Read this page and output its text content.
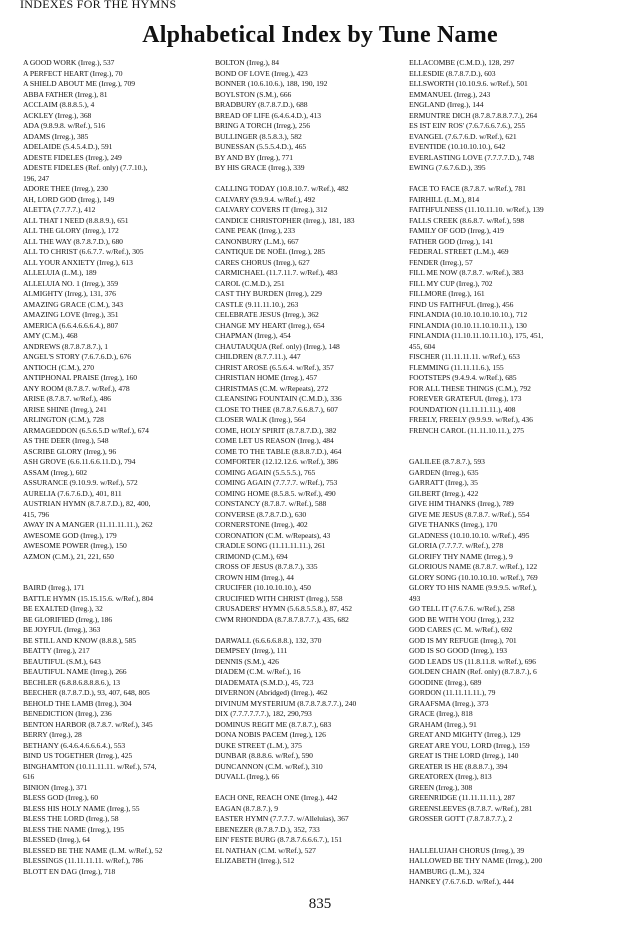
INDEXES FOR THE HYMNS
Alphabetical Index by Tune Name
A GOOD WORK (Irreg.), 537
A PERFECT HEART (Irreg.), 70
A SHIELD ABOUT ME (Irreg.), 709
ABBA FATHER (Irreg.), 81
ACCLAIM (8.8.8.5.), 4
ACKLEY (Irreg.), 368
ADA (9.8.9.8. w/Ref.), 516
ADAMS (Irreg.), 385
ADELAIDE (5.4.5.4.D.), 591
ADESTE FIDELES (Irreg.), 249
ADESTE FIDELES (Ref. only) (7.7.10.),
196, 247
ADORE THEE (Irreg.), 230
AH, LORD GOD (Irreg.), 149
ALETTA (7.7.7.7.), 412
ALL THAT I NEED (8.8.8.9.), 651
ALL THE GLORY (Irreg.), 172
ALL THE WAY (8.7.8.7.D.), 680
ALL TO CHRIST (6.6.7.7. w/Ref.), 305
ALL YOUR ANXIETY (Irreg.), 613
ALLELUIA (L.M.), 189
ALLELUIA NO. 1 (Irreg.), 359
ALMIGHTY (Irreg.), 131, 376
AMAZING GRACE (C.M.), 343
AMAZING LOVE (Irreg.), 351
AMERICA (6.6.4.6.6.6.4.), 807
AMY (C.M.), 468
ANDREWS (8.7.8.7.8.7.), 1
ANGEL'S STORY (7.6.7.6.D.), 676
ANTIOCH (C.M.), 270
ANTIPHONAL PRAISE (Irreg.), 160
ANY ROOM (8.7.8.7. w/Ref.), 478
ARISE (8.7.8.7. w/Ref.), 486
ARISE SHINE (Irreg.), 241
ARLINGTON (C.M.), 728
ARMAGEDDON (6.5.6.5.D w/Ref.), 674
AS THE DEER (Irreg.), 548
ASCRIBE GLORY (Irreg.), 96
ASH GROVE (6.6.11.6.6.11.D.), 794
ASSAM (Irreg.), 602
ASSURANCE (9.10.9.9. w/Ref.), 572
AURELIA (7.6.7.6.D.), 401, 811
AUSTRIAN HYMN (8.7.8.7.D.), 82, 400,
415, 796
AWAY IN A MANGER (11.11.11.11.), 262
AWESOME GOD (Irreg.), 179
AWESOME POWER (Irreg.), 150
AZMON (C.M.), 21, 221, 650
BAIRD (Irreg.), 171
BATTLE HYMN (15.15.15.6. w/Ref.), 804
BE EXALTED (Irreg.), 32
BE GLORIFIED (Irreg.), 186
BE JOYFUL (Irreg.), 363
BE STILL AND KNOW (8.8.8.), 585
BEATTY (Irreg.), 217
BEAUTIFUL (S.M.), 643
BEAUTIFUL NAME (Irreg.), 266
BECHLER (6.8.8.6.8.8.8.6.), 13
BEECHER (8.7.8.7.D.), 93, 407, 648, 805
BEHOLD THE LAMB (Irreg.), 304
BENEDICTION (Irreg.), 236
BENTON HARBOR (8.7.8.7. w/Ref.), 345
BERRY (Irreg.), 28
BETHANY (6.4.6.4.6.6.6.4.), 553
BIND US TOGETHER (Irreg.), 425
BINGHAMTON (10.11.11.11. w/Ref.), 574,
616
BINION (Irreg.), 371
BLESS GOD (Irreg.), 60
BLESS HIS HOLY NAME (Irreg.), 55
BLESS THE LORD (Irreg.), 58
BLESS THE NAME (Irreg.), 195
BLESSED (Irreg.), 64
BLESSED BE THE NAME (L.M. w/Ref.), 52
BLESSINGS (11.11.11.11. w/Ref.), 786
BLOTT EN DAG (Irreg.), 718
BOLTON (Irreg.), 84
BOND OF LOVE (Irreg.), 423
BONNER (10.6.10.6.), 188, 190, 192
BOYLSTON (S.M.), 666
BRADBURY (8.7.8.7.D.), 688
BREAD OF LIFE (6.4.6.4.D.), 413
BRING A TORCH (Irreg.), 256
BULLINGER (8.5.8.3.), 582
BUNESSAN (5.5.5.4.D.), 465
BY AND BY (Irreg.), 771
BY HIS GRACE (Irreg.), 339
CALLING TODAY (10.8.10.7. w/Ref.), 482
CALVARY (9.9.9.4. w/Ref.), 492
CALVARY COVERS IT (Irreg.), 312
CANDICE CHRISTOPHER (Irreg.), 181, 183
CANE PEAK (Irreg.), 233
CANONBURY (L.M.), 667
CANTIQUE DE NOËL (Irreg.), 285
CARES CHORUS (Irreg.), 627
CARMICHAEL (11.7.11.7. w/Ref.), 483
CAROL (C.M.D.), 251
CAST THY BURDEN (Irreg.), 229
CASTLE (9.11.11.10.), 263
CELEBRATE JESUS (Irreg.), 362
CHANGE MY HEART (Irreg.), 654
CHAPMAN (Irreg.), 454
CHAUTAUQUA (Ref. only) (Irreg.), 148
CHILDREN (8.7.7.11.), 447
CHRIST AROSE (6.5.6.4. w/Ref.), 357
CHRISTIAN HOME (Irreg.), 457
CHRISTMAS (C.M. w/Repeats), 272
CLEANSING FOUNTAIN (C.M.D.), 336
CLOSE TO THEE (8.7.8.7.6.6.8.7.), 607
CLOSER WALK (Irreg.), 564
COME, HOLY SPIRIT (8.7.8.7.D.), 382
COME LET US REASON (Irreg.), 484
COME TO THE TABLE (8.8.8.7.D.), 464
COMFORTER (12.12.12.6. w/Ref.), 386
COMING AGAIN (5.5.5.5.), 765
COMING AGAIN (7.7.7.7. w/Ref.), 753
COMING HOME (8.5.8.5. w/Ref.), 490
CONSTANCY (8.7.8.7. w/Ref.), 588
CONVERSE (8.7.8.7.D.), 630
CORNERSTONE (Irreg.), 402
CORONATION (C.M. w/Repeats), 43
CRADLE SONG (11.11.11.11.), 261
CRIMOND (C.M.), 694
CROSS OF JESUS (8.7.8.7.), 335
CROWN HIM (Irreg.), 44
CRUCIFER (10.10.10.10.), 450
CRUCIFIED WITH CHRIST (Irreg.), 558
CRUSADERS' HYMN (5.6.8.5.5.8.), 87, 452
CWM RHONDDA (8.7.8.7.8.7.7.), 435, 682
DARWALL (6.6.6.6.8.8.), 132, 370
DEMPSEY (Irreg.), 111
DENNIS (S.M.), 426
DIADEM (C.M. w/Ref.), 16
DIADEMATA (S.M.D.), 45, 723
DIVERNON (Abridged) (Irreg.), 462
DIVINUM MYSTERIUM (8.7.8.7.8.7.7.), 240
DIX (7.7.7.7.7.7.), 182, 290,793
DOMINUS REGIT ME (8.7.8.7.), 683
DONA NOBIS PACEM (Irreg.), 126
DUKE STREET (L.M.), 375
DUNBAR (8.8.8.6. w/Ref.), 590
DUNCANNON (C.M. w/Ref.), 310
DUVALL (Irreg.), 66
EACH ONE, REACH ONE (Irreg.), 442
EAGAN (8.7.8.7.), 9
EASTER HYMN (7.7.7.7. w/Alleluias), 367
EBENEZER (8.7.8.7.D.), 352, 733
EIN' FESTE BURG (8.7.8.7.6.6.6.7.), 151
EL NATHAN (C.M. w/Ref.), 527
ELIZABETH (Irreg.), 512
ELLACOMBE (C.M.D.), 128, 297
ELLESDIE (8.7.8.7.D.), 603
ELLSWORTH (10.10.9.6. w/Ref.), 501
EMMANUEL (Irreg.), 243
ENGLAND (Irreg.), 144
ERMUNTRE DICH (8.7.8.7.8.8.7.7.), 264
ES IST EIN' ROS' (7.6.7.6.6.7.6.), 255
EVANGEL (7.6.7.6.D. w/Ref.), 621
EVENTIDE (10.10.10.10.), 642
EVERLASTING LOVE (7.7.7.7.D.), 748
EWING (7.6.7.6.D.), 395
FACE TO FACE (8.7.8.7. w/Ref.), 781
FAIRHILL (L.M.), 814
FAITHFULNESS (11.10.11.10. w/Ref.), 139
FALLS CREEK (8.6.8.7. w/Ref.), 598
FAMILY OF GOD (Irreg.), 419
FATHER GOD (Irreg.), 141
FEDERAL STREET (L.M.), 469
FENDER (Irreg.), 57
FILL ME NOW (8.7.8.7. w/Ref.), 383
FILL MY CUP (Irreg.), 702
FILLMORE (Irreg.), 161
FIND US FAITHFUL (Irreg.), 456
FINLANDIA (10.10.10.10.10.10.), 712
FINLANDIA (10.10.11.10.10.11.), 130
FINLANDIA (11.10.11.10.11.10.), 175, 451,
455, 604
FISCHER (11.11.11.11. w/Ref.), 653
FLEMMING (11.11.11.6.), 155
FOOTSTEPS (9.4.9.4. w/Ref.), 685
FOR ALL THESE THINGS (C.M.), 792
FOREVER GRATEFUL (Irreg.), 173
FOUNDATION (11.11.11.11.), 408
FREELY, FREELY (9.9.9.9. w/Ref.), 436
FRENCH CAROL (11.11.10.11.), 275
GALILEE (8.7.8.7.), 593
GARDEN (Irreg.), 635
GARRATT (Irreg.), 35
GILBERT (Irreg.), 422
GIVE HIM THANKS (Irreg.), 789
GIVE ME JESUS (8.7.8.7. w/Ref.), 554
GIVE THANKS (Irreg.), 170
GLADNESS (10.10.10.10. w/Ref.), 495
GLORIA (7.7.7.7. w/Ref.), 278
GLORIFY THY NAME (Irreg.), 9
GLORIOUS NAME (8.7.8.7. w/Ref.), 122
GLORY SONG (10.10.10.10. w/Ref.), 769
GLORY TO HIS NAME (9.9.9.5. w/Ref.),
493
GO TELL IT (7.6.7.6. w/Ref.), 258
GOD BE WITH YOU (Irreg.), 232
GOD CARES (C. M. w/Ref.), 692
GOD IS MY REFUGE (Irreg.), 701
GOD IS SO GOOD (Irreg.), 193
GOD LEADS US (11.8.11.8. w/Ref.), 696
GOLDEN CHAIN (Ref. only) (8.7.8.7.), 6
GOODINE (Irreg.), 689
GORDON (11.11.11.11.), 79
GRAAFSMA (Irreg.), 373
GRACE (Irreg.), 818
GRAHAM (Irreg.), 91
GREAT AND MIGHTY (Irreg.), 129
GREAT ARE YOU, LORD (Irreg.), 159
GREAT IS THE LORD (Irreg.), 140
GREATER IS HE (8.8.8.7.), 394
GREATOREX (Irreg.), 813
GREEN (Irreg.), 308
GREENRIDGE (11.11.11.11.), 287
GREENSLEEVES (8.7.8.7. w/Ref.), 281
GROSSER GOTT (7.8.7.8.7.7.), 2
HALLELUJAH CHORUS (Irreg.), 39
HALLOWED BE THY NAME (Irreg.), 200
HAMBURG (L.M.), 324
HANKEY (7.6.7.6.D. w/Ref.), 444
835
